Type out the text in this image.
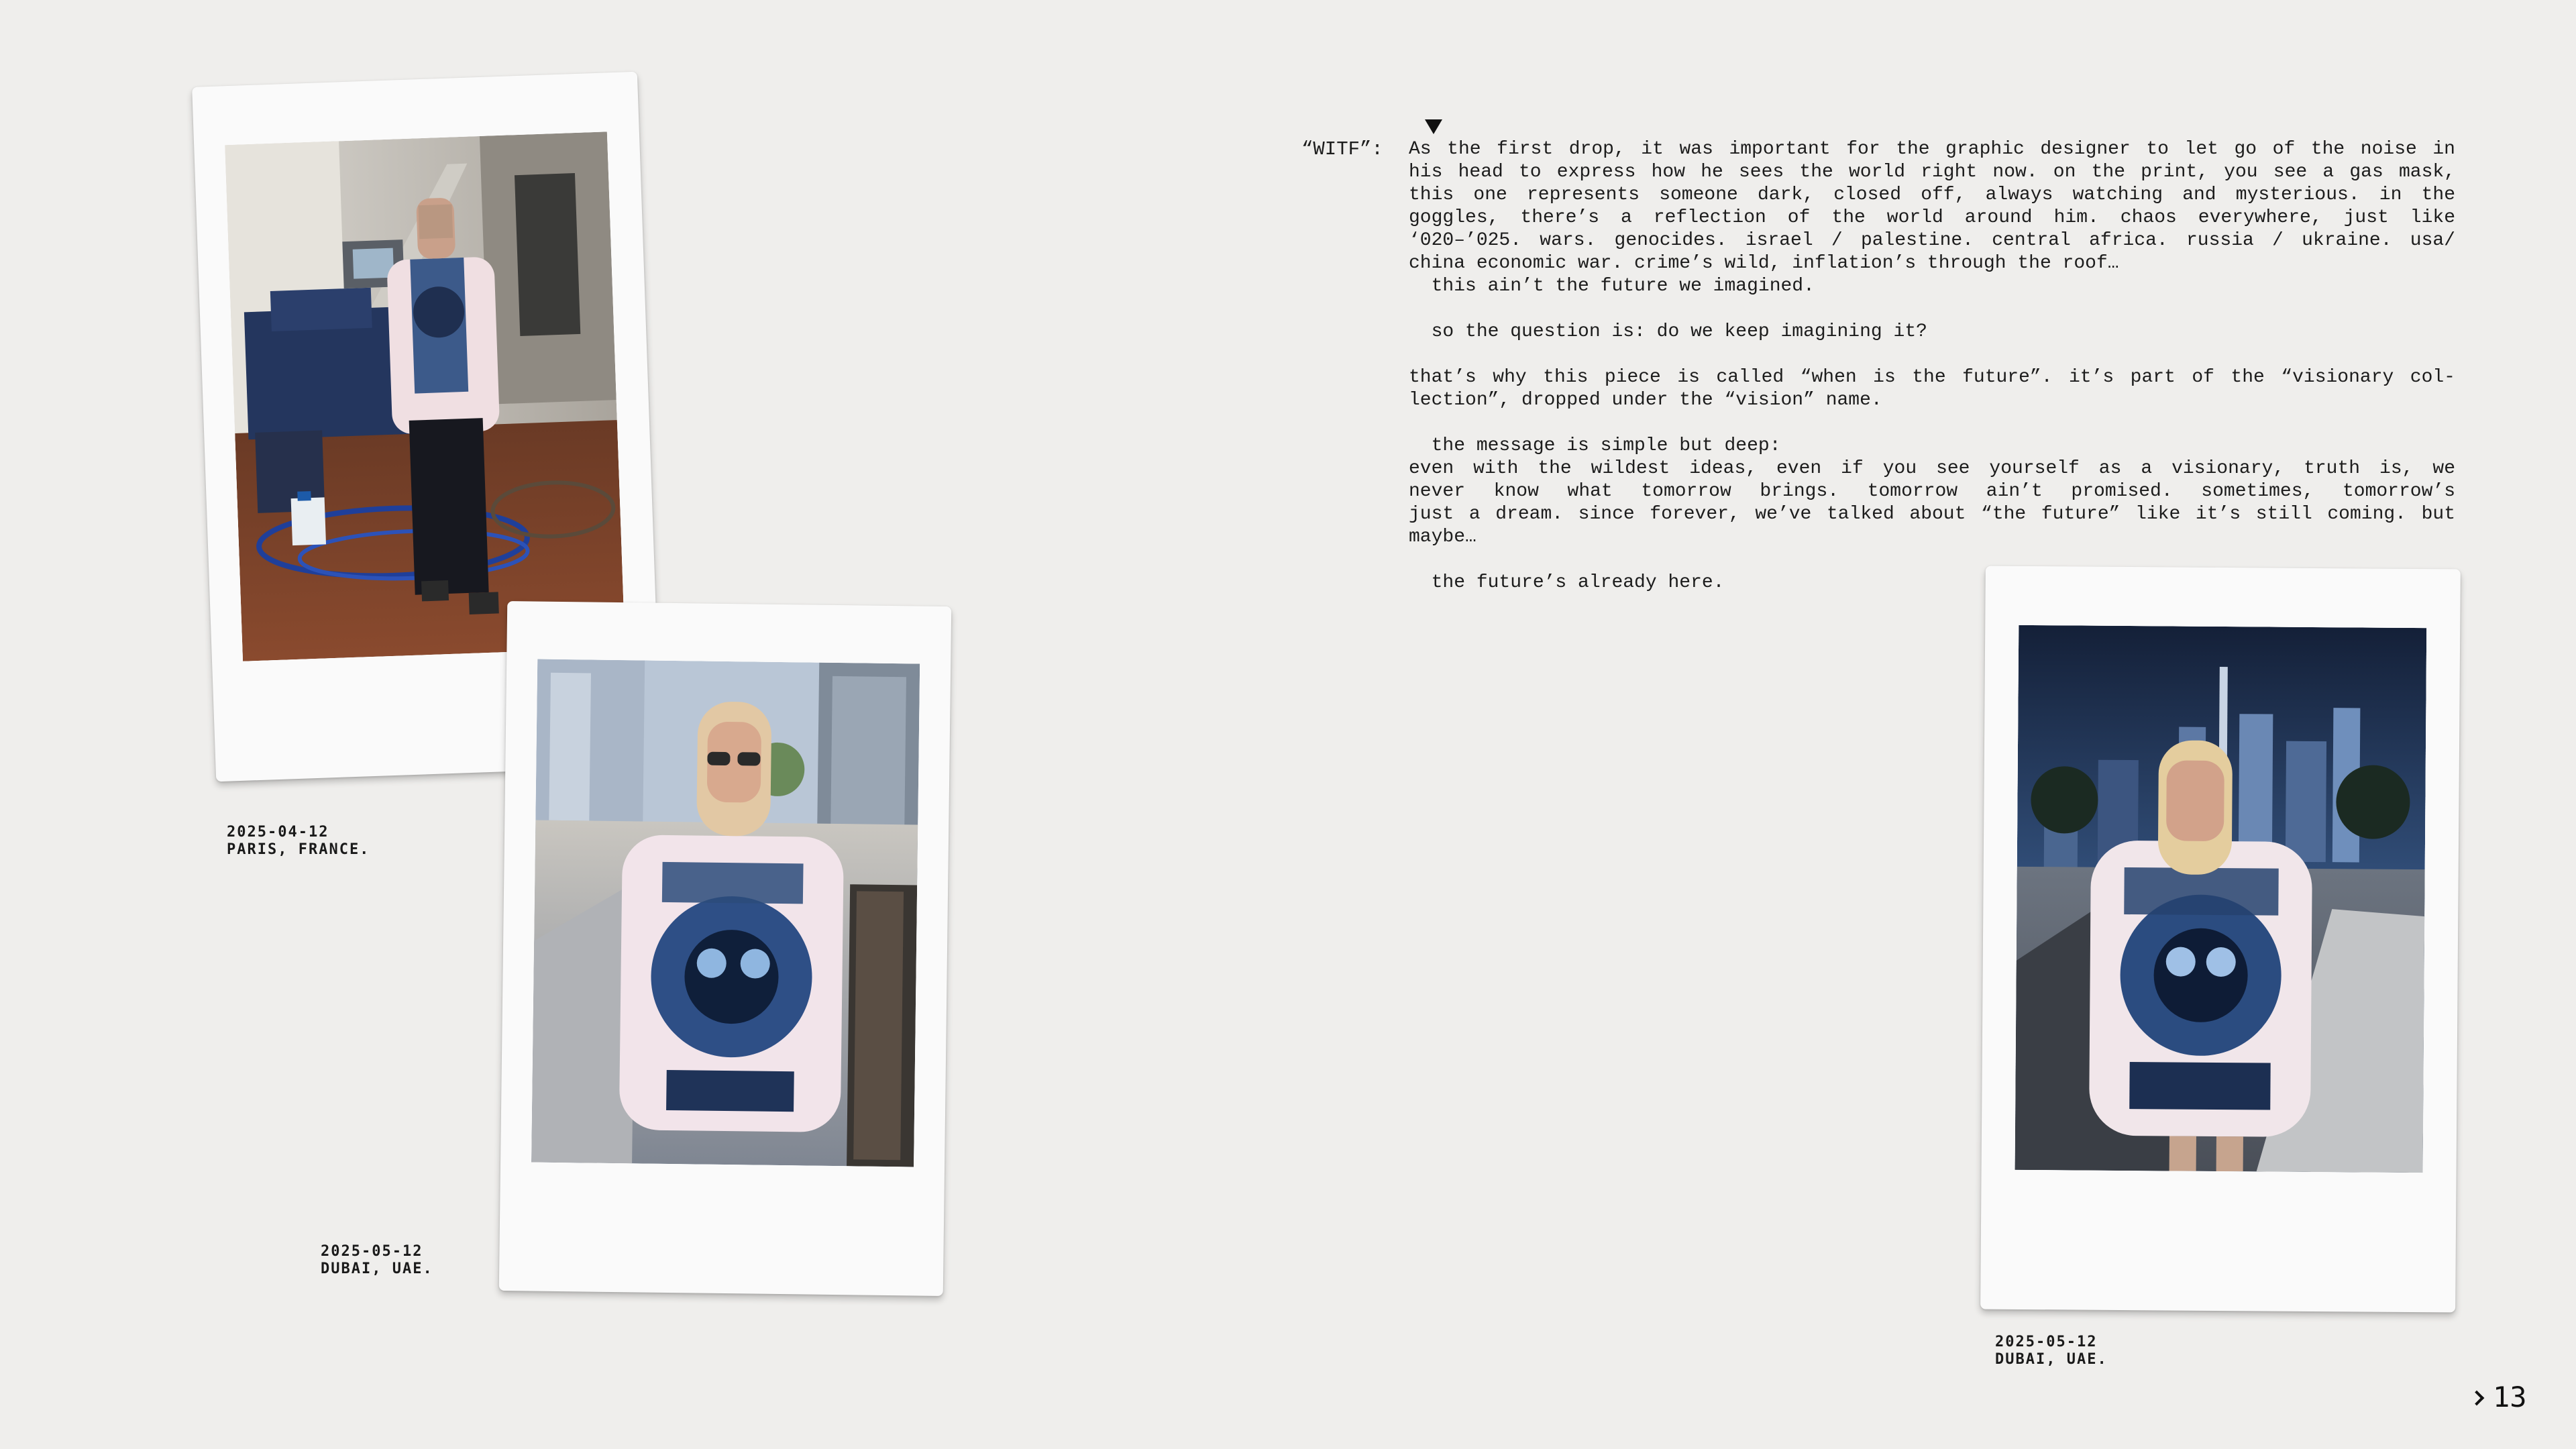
2025-04-12
PARIS, FRANCE.
2025-05-12
DUBAI, UAE.
2025-05-12
DUBAI, UAE.
“WITF”: As the first drop, it was important for the graphic designer to let go of the noise in
his head to express how he sees the world right now. on the print, you see a gas mask,
this one represents someone dark, closed off, always watching and mysterious. in the
goggles, there’s a reflection of the world around him. chaos everywhere, just like
‘020–’025. wars. genocides. israel / palestine. central africa. russia / ukraine. usa/
china economic war. crime’s wild, inflation’s through the roof…
this ain’t the future we imagined.
so the question is: do we keep imagining it?
that’s why this piece is called “when is the future”. it’s part of the “visionary col-
lection”, dropped under the “vision” name.
the message is simple but deep:
even with the wildest ideas, even if you see yourself as a visionary, truth is, we
never know what tomorrow brings. tomorrow ain’t promised. sometimes, tomorrow’s
just a dream. since forever, we’ve talked about “the future” like it’s still coming. but
maybe…
the future’s already here.
13
